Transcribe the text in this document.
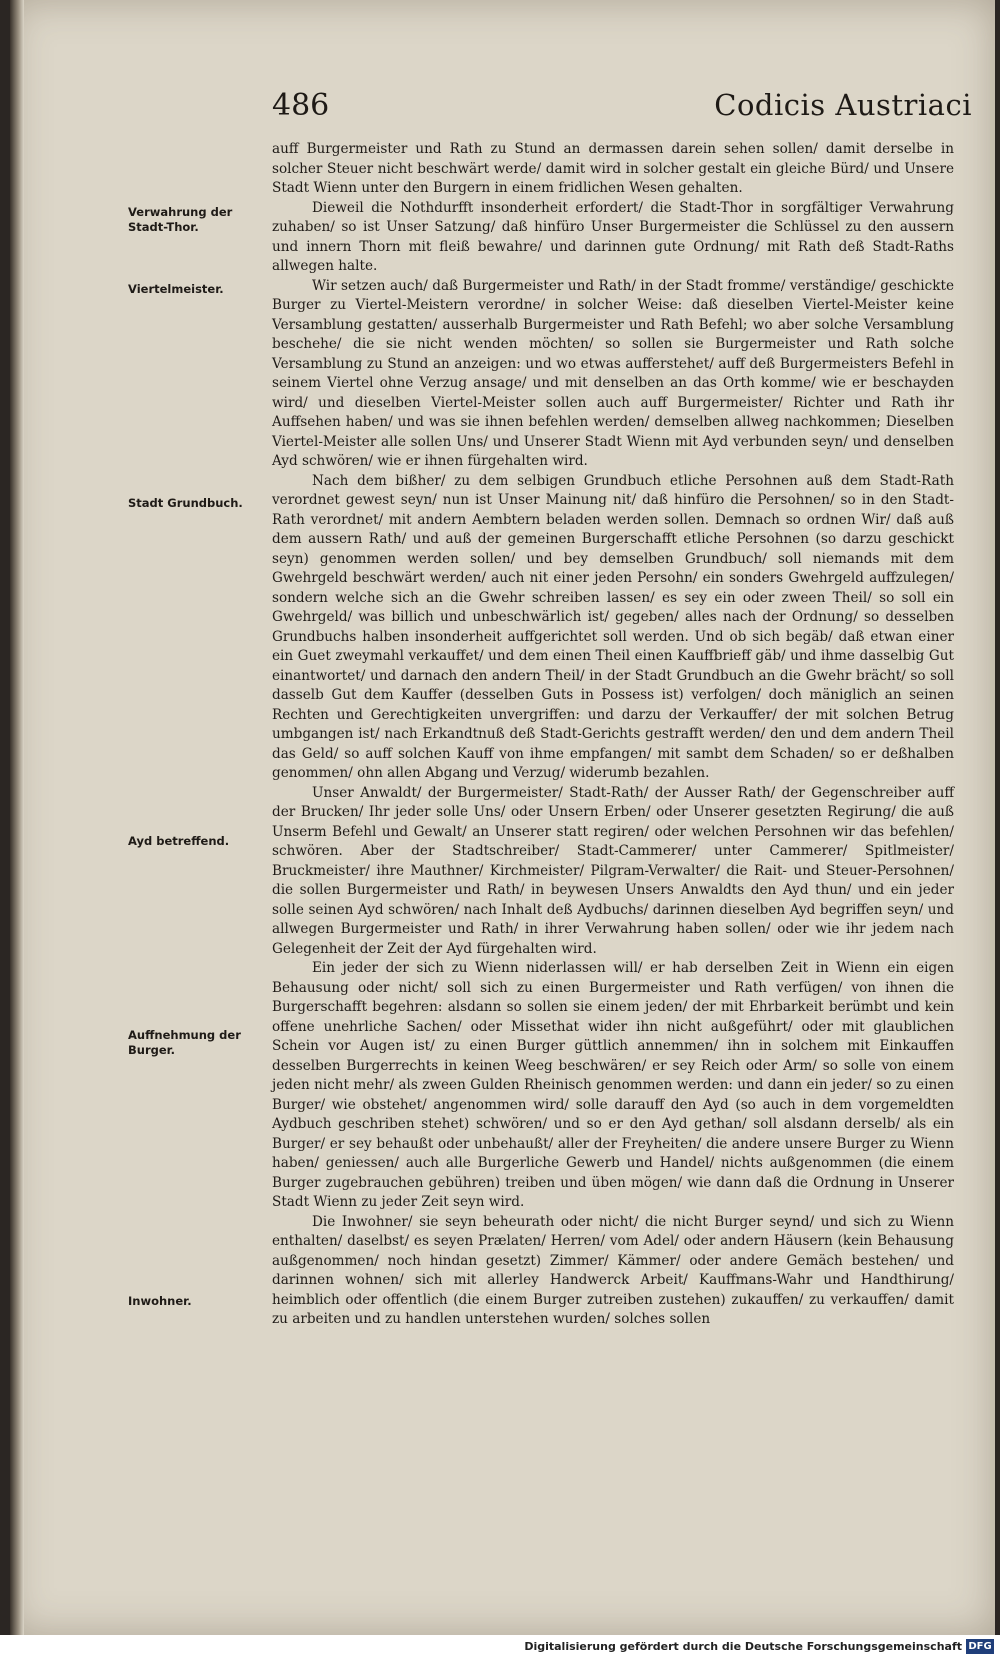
486	Codicis Austriaci
Verwahrung der Stadt-Thor.
Viertelmeister.
Stadt Grundbuch.
Ayd betreffend.
Auffnehmung der Burger.
Inwohner.

auff Burgermeister und Rath zu Stund an dermassen darein sehen sollen/ damit derselbe in solcher Steuer nicht beschwärt werde/ damit wird in solcher gestalt ein gleiche Bürd/ und Unsere Stadt Wienn unter den Burgern in einem fridlichen Wesen gehalten.

Dieweil die Nothdurfft insonderheit erfordert/ die Stadt-Thor in sorgfältiger Verwahrung zuhaben/ so ist Unser Satzung/ daß hinfüro Unser Burgermeister die Schlüssel zu den aussern und innern Thorn mit fleiß bewahre/ und darinnen gute Ordnung/ mit Rath deß Stadt-Raths allwegen halte.

Wir setzen auch/ daß Burgermeister und Rath/ in der Stadt fromme/ verständige/ geschickte Burger zu Viertel-Meistern verordne/ in solcher Weise: daß dieselben Viertel-Meister keine Versamblung gestatten/ ausserhalb Burgermeister und Rath Befehl; wo aber solche Versamblung beschehe/ die sie nicht wenden möchten/ so sollen sie Burgermeister und Rath solche Versamblung zu Stund an anzeigen: und wo etwas aufferstehet/ auff deß Burgermeisters Befehl in seinem Viertel ohne Verzug ansage/ und mit denselben an das Orth komme/ wie er beschayden wird/ und dieselben Viertel-Meister sollen auch auff Burgermeister/ Richter und Rath ihr Auffsehen haben/ und was sie ihnen befehlen werden/ demselben allweg nachkommen; Dieselben Viertel-Meister alle sollen Uns/ und Unserer Stadt Wienn mit Ayd verbunden seyn/ und denselben Ayd schwören/ wie er ihnen fürgehalten wird.

Nach dem bißher/ zu dem selbigen Grundbuch etliche Persohnen auß dem Stadt-Rath verordnet gewest seyn/ nun ist Unser Mainung nit/ daß hinfüro die Persohnen/ so in den Stadt-Rath verordnet/ mit andern Aembtern beladen werden sollen. Demnach so ordnen Wir/ daß auß dem aussern Rath/ und auß der gemeinen Burgerschafft etliche Persohnen (so darzu geschickt seyn) genommen werden sollen/ und bey demselben Grundbuch/ soll niemands mit dem Gwehrgeld beschwärt werden/ auch nit einer jeden Persohn/ ein sonders Gwehrgeld auffzulegen/ sondern welche sich an die Gwehr schreiben lassen/ es sey ein oder zween Theil/ so soll ein Gwehrgeld/ was billich und unbeschwärlich ist/ gegeben/ alles nach der Ordnung/ so desselben Grundbuchs halben insonderheit auffgerichtet soll werden. Und ob sich begäb/ daß etwan einer ein Guet zweymahl verkauffet/ und dem einen Theil einen Kauffbrieff gäb/ und ihme dasselbig Gut einantwortet/ und darnach den andern Theil/ in der Stadt Grundbuch an die Gwehr brächt/ so soll dasselb Gut dem Kauffer (desselben Guts in Possess ist) verfolgen/ doch mäniglich an seinen Rechten und Gerechtigkeiten unvergriffen: und darzu der Verkauffer/ der mit solchen Betrug umbgangen ist/ nach Erkandtnuß deß Stadt-Gerichts gestrafft werden/ den und dem andern Theil das Geld/ so auff solchen Kauff von ihme empfangen/ mit sambt dem Schaden/ so er deßhalben genommen/ ohn allen Abgang und Verzug/ widerumb bezahlen.

Unser Anwaldt/ der Burgermeister/ Stadt-Rath/ der Ausser Rath/ der Gegenschreiber auff der Brucken/ Ihr jeder solle Uns/ oder Unsern Erben/ oder Unserer gesetzten Regirung/ die auß Unserm Befehl und Gewalt/ an Unserer statt regiren/ oder welchen Persohnen wir das befehlen/ schwören. Aber der Stadtschreiber/ Stadt-Cammerer/ unter Cammerer/ Spitlmeister/ Bruckmeister/ ihre Mauthner/ Kirchmeister/ Pilgram-Verwalter/ die Rait- und Steuer-Persohnen/ die sollen Burgermeister und Rath/ in beywesen Unsers Anwaldts den Ayd thun/ und ein jeder solle seinen Ayd schwören/ nach Inhalt deß Aydbuchs/ darinnen dieselben Ayd begriffen seyn/ und allwegen Burgermeister und Rath/ in ihrer Verwahrung haben sollen/ oder wie ihr jedem nach Gelegenheit der Zeit der Ayd fürgehalten wird.

Ein jeder der sich zu Wienn niderlassen will/ er hab derselben Zeit in Wienn ein eigen Behausung oder nicht/ soll sich zu einen Burgermeister und Rath verfügen/ von ihnen die Burgerschafft begehren: alsdann so sollen sie einem jeden/ der mit Ehrbarkeit berümbt und kein offene unehrliche Sachen/ oder Missethat wider ihn nicht außgeführt/ oder mit glaublichen Schein vor Augen ist/ zu einen Burger güttlich annemmen/ ihn in solchem mit Einkauffen desselben Burgerrechts in keinen Weeg beschwären/ er sey Reich oder Arm/ so solle von einem jeden nicht mehr/ als zween Gulden Rheinisch genommen werden: und dann ein jeder/ so zu einen Burger/ wie obstehet/ angenommen wird/ solle darauff den Ayd (so auch in dem vorgemeldten Aydbuch geschriben stehet) schwören/ und so er den Ayd gethan/ soll alsdann derselb/ als ein Burger/ er sey behaußt oder unbehaußt/ aller der Freyheiten/ die andere unsere Burger zu Wienn haben/ geniessen/ auch alle Burgerliche Gewerb und Handel/ nichts außgenommen (die einem Burger zugebrauchen gebühren) treiben und üben mögen/ wie dann daß die Ordnung in Unserer Stadt Wienn zu jeder Zeit seyn wird.

Die Inwohner/ sie seyn beheurath oder nicht/ die nicht Burger seynd/ und sich zu Wienn enthalten/ daselbst/ es seyen Prælaten/ Herren/ vom Adel/ oder andern Häusern (kein Behausung außgenommen/ noch hindan gesetzt) Zimmer/ Kämmer/ oder andere Gemäch bestehen/ und darinnen wohnen/ sich mit allerley Handwerck Arbeit/ Kauffmans-Wahr und Handthirung/ heimblich oder offentlich (die einem Burger zutreiben zustehen) zukauffen/ zu verkauffen/ damit zu arbeiten und zu handlen unterstehen wurden/ solches sollen

Digitalisierung gefördert durch die Deutsche Forschungsgemeinschaft DFG
